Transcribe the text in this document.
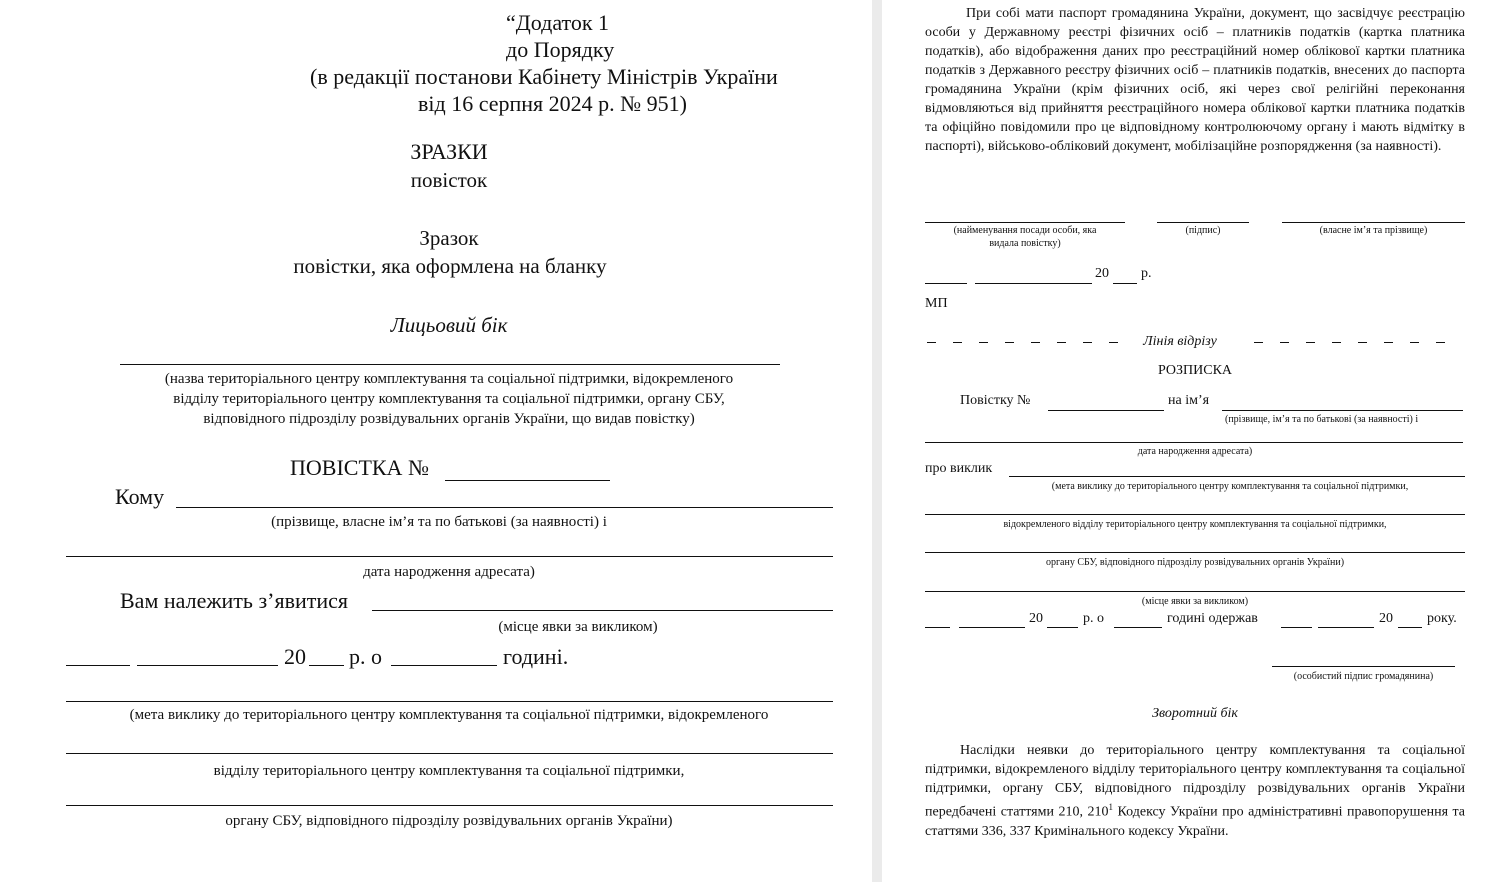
“Додаток 1
до Порядку
(в редакції постанови Кабінету Міністрів України
від 16 серпня 2024 р. № 951)
ЗРАЗКИ
повісток
Зразок
повістки, яка оформлена на бланку
Лицьовий бік
(назва територіального центру комплектування та соціальної підтримки, відокремленого
відділу територіального центру комплектування та соціальної підтримки, органу СБУ,
відповідного підрозділу розвідувальних органів України, що видав повістку)
ПОВІСТКА №
Кому
(прізвище, власне ім’я та по батькові (за наявності) і
дата народження адресата)
Вам належить з’явитися
(місце явки за викликом)
20 р. о	годині.
(мета виклику до територіального центру комплектування та соціальної підтримки, відокремленого
відділу територіального центру комплектування та соціальної підтримки,
органу СБУ, відповідного підрозділу розвідувальних органів України)
При собі мати паспорт громадянина України, документ, що засвідчує реєстрацію особи у Державному реєстрі фізичних осіб – платників податків (картка платника податків), або відображення даних про реєстраційний номер облікової картки платника податків з Державного реєстру фізичних осіб – платників податків, внесених до паспорта громадянина України (крім фізичних осіб, які через свої релігійні переконання відмовляються від прийняття реєстраційного номера облікової картки платника податків та офіційно повідомили про це відповідному контролюючому органу і мають відмітку в паспорті), військово-обліковий документ, мобілізаційне розпорядження (за наявності).
(найменування посади особи, яка
видала повістку)
(підпис)	(власне ім’я та прізвище)
20 р.
МП
Лінія відрізу
РОЗПИСКА
Повістку №	на ім’я
(прізвище, ім’я та по батькові (за наявності) і
дата народження адресата)
про виклик
(мета виклику до територіального центру комплектування та соціальної підтримки,
відокремленого відділу територіального центру комплектування та соціальної підтримки,
органу СБУ, відповідного підрозділу розвідувальних органів України)
(місце явки за викликом)
20	р. о	годині одержав	20 року.
(особистий підпис громадянина)
Зворотний бік
Наслідки неявки до територіального центру комплектування та соціальної підтримки, відокремленого відділу територіального центру комплектування та соціальної підтримки, органу СБУ, відповідного підрозділу розвідувальних органів України передбачені статтями 210, $210^1$ Кодексу України про адміністративні правопорушення та статтями 336, 337 Кримінального кодексу України.
